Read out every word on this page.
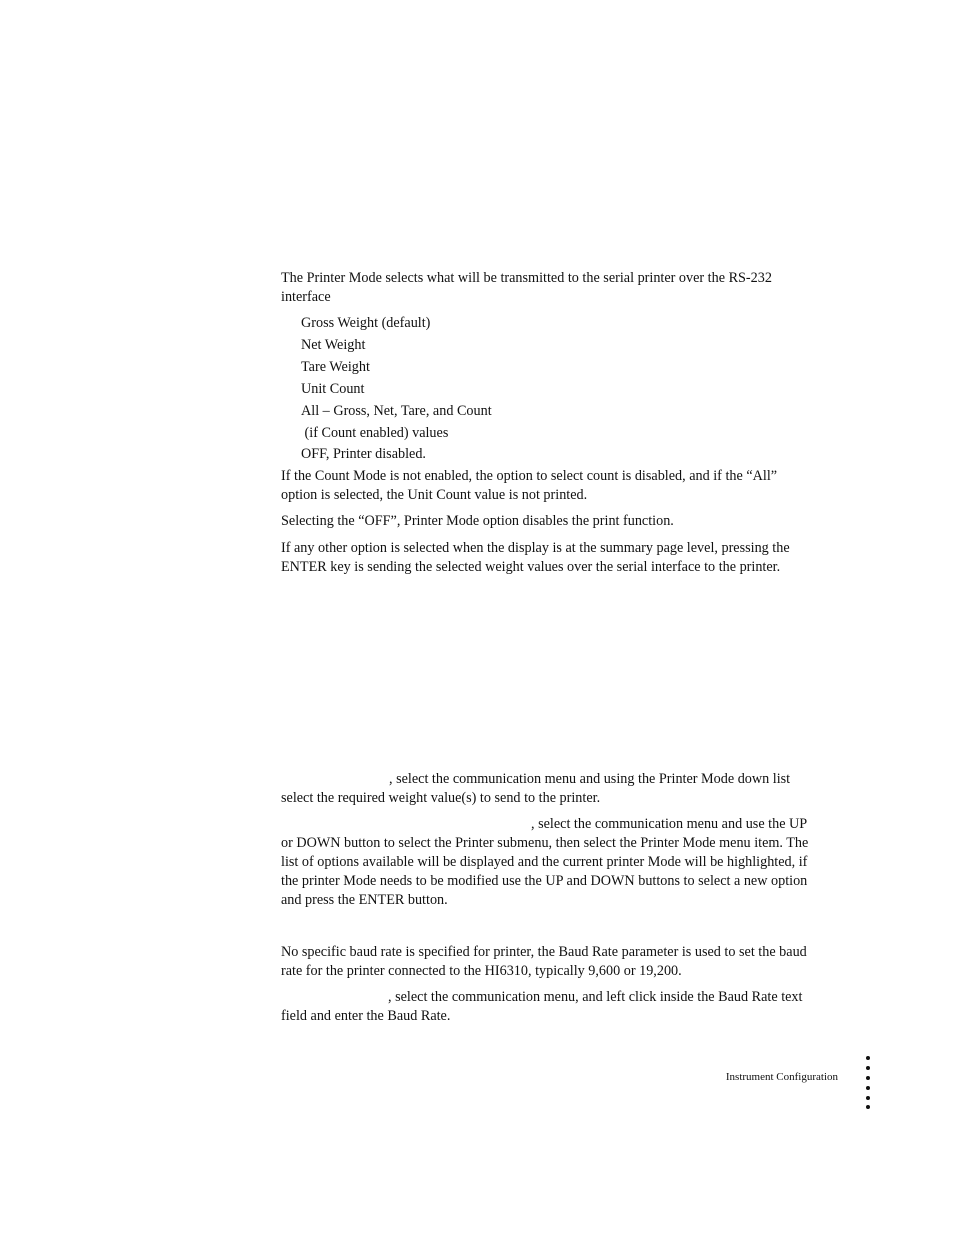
The Printer Mode selects what will be transmitted to the serial printer over the RS-232 interface

Gross Weight (default)
Net Weight
Tare Weight
Unit Count
All – Gross, Net, Tare, and Count
(if Count enabled) values
OFF, Printer disabled.

If the Count Mode is not enabled, the option to select count is disabled, and if the “All” option is selected, the Unit Count value is not printed.

Selecting the “OFF”, Printer Mode option disables the print function.

If any other option is selected when the display is at the summary page level, pressing the ENTER key is sending the selected weight values over the serial interface to the printer.

, select the communication menu and using the Printer Mode down list select the required weight value(s) to send to the printer.

, select the communication menu and use the UP or DOWN button to select the Printer submenu, then select the Printer Mode menu item. The list of options available will be displayed and the current printer Mode will be highlighted, if the printer Mode needs to be modified use the UP and DOWN buttons to select a new option and press the ENTER button.

No specific baud rate is specified for printer, the Baud Rate parameter is used to set the baud rate for the printer connected to the HI6310, typically 9,600 or 19,200.

, select the communication menu, and left click inside the Baud Rate text field and enter the Baud Rate.

Instrument Configuration
